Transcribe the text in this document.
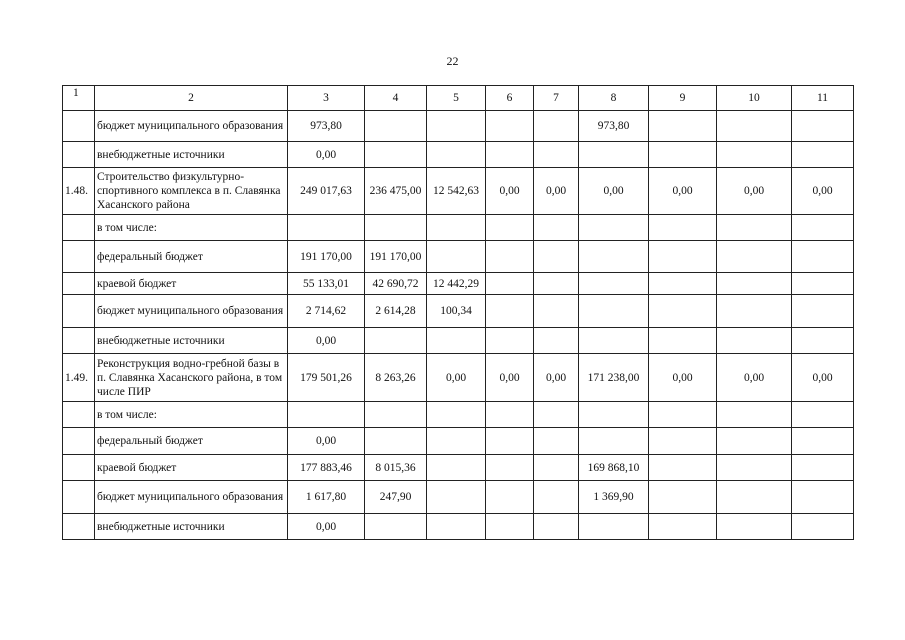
22
1	2	3	4	5	6	7	8	9	10	11
	бюджет муниципального образования	973,80					973,80			
	внебюджетные источники	0,00								
1.48.	Строительство физкультурно-спортивного комплекса в п. Славянка Хасанского района	249 017,63	236 475,00	12 542,63	0,00	0,00	0,00	0,00	0,00	0,00
	в том числе:									
	федеральный бюджет	191 170,00	191 170,00							
	краевой бюджет	55 133,01	42 690,72	12 442,29						
	бюджет муниципального образования	2 714,62	2 614,28	100,34						
	внебюджетные источники	0,00								
1.49.	Реконструкция водно-гребной базы в п. Славянка Хасанского района, в том числе ПИР	179 501,26	8 263,26	0,00	0,00	0,00	171 238,00	0,00	0,00	0,00
	в том числе:									
	федеральный бюджет	0,00								
	краевой бюджет	177 883,46	8 015,36				169 868,10			
	бюджет муниципального образования	1 617,80	247,90				1 369,90			
	внебюджетные источники	0,00								
